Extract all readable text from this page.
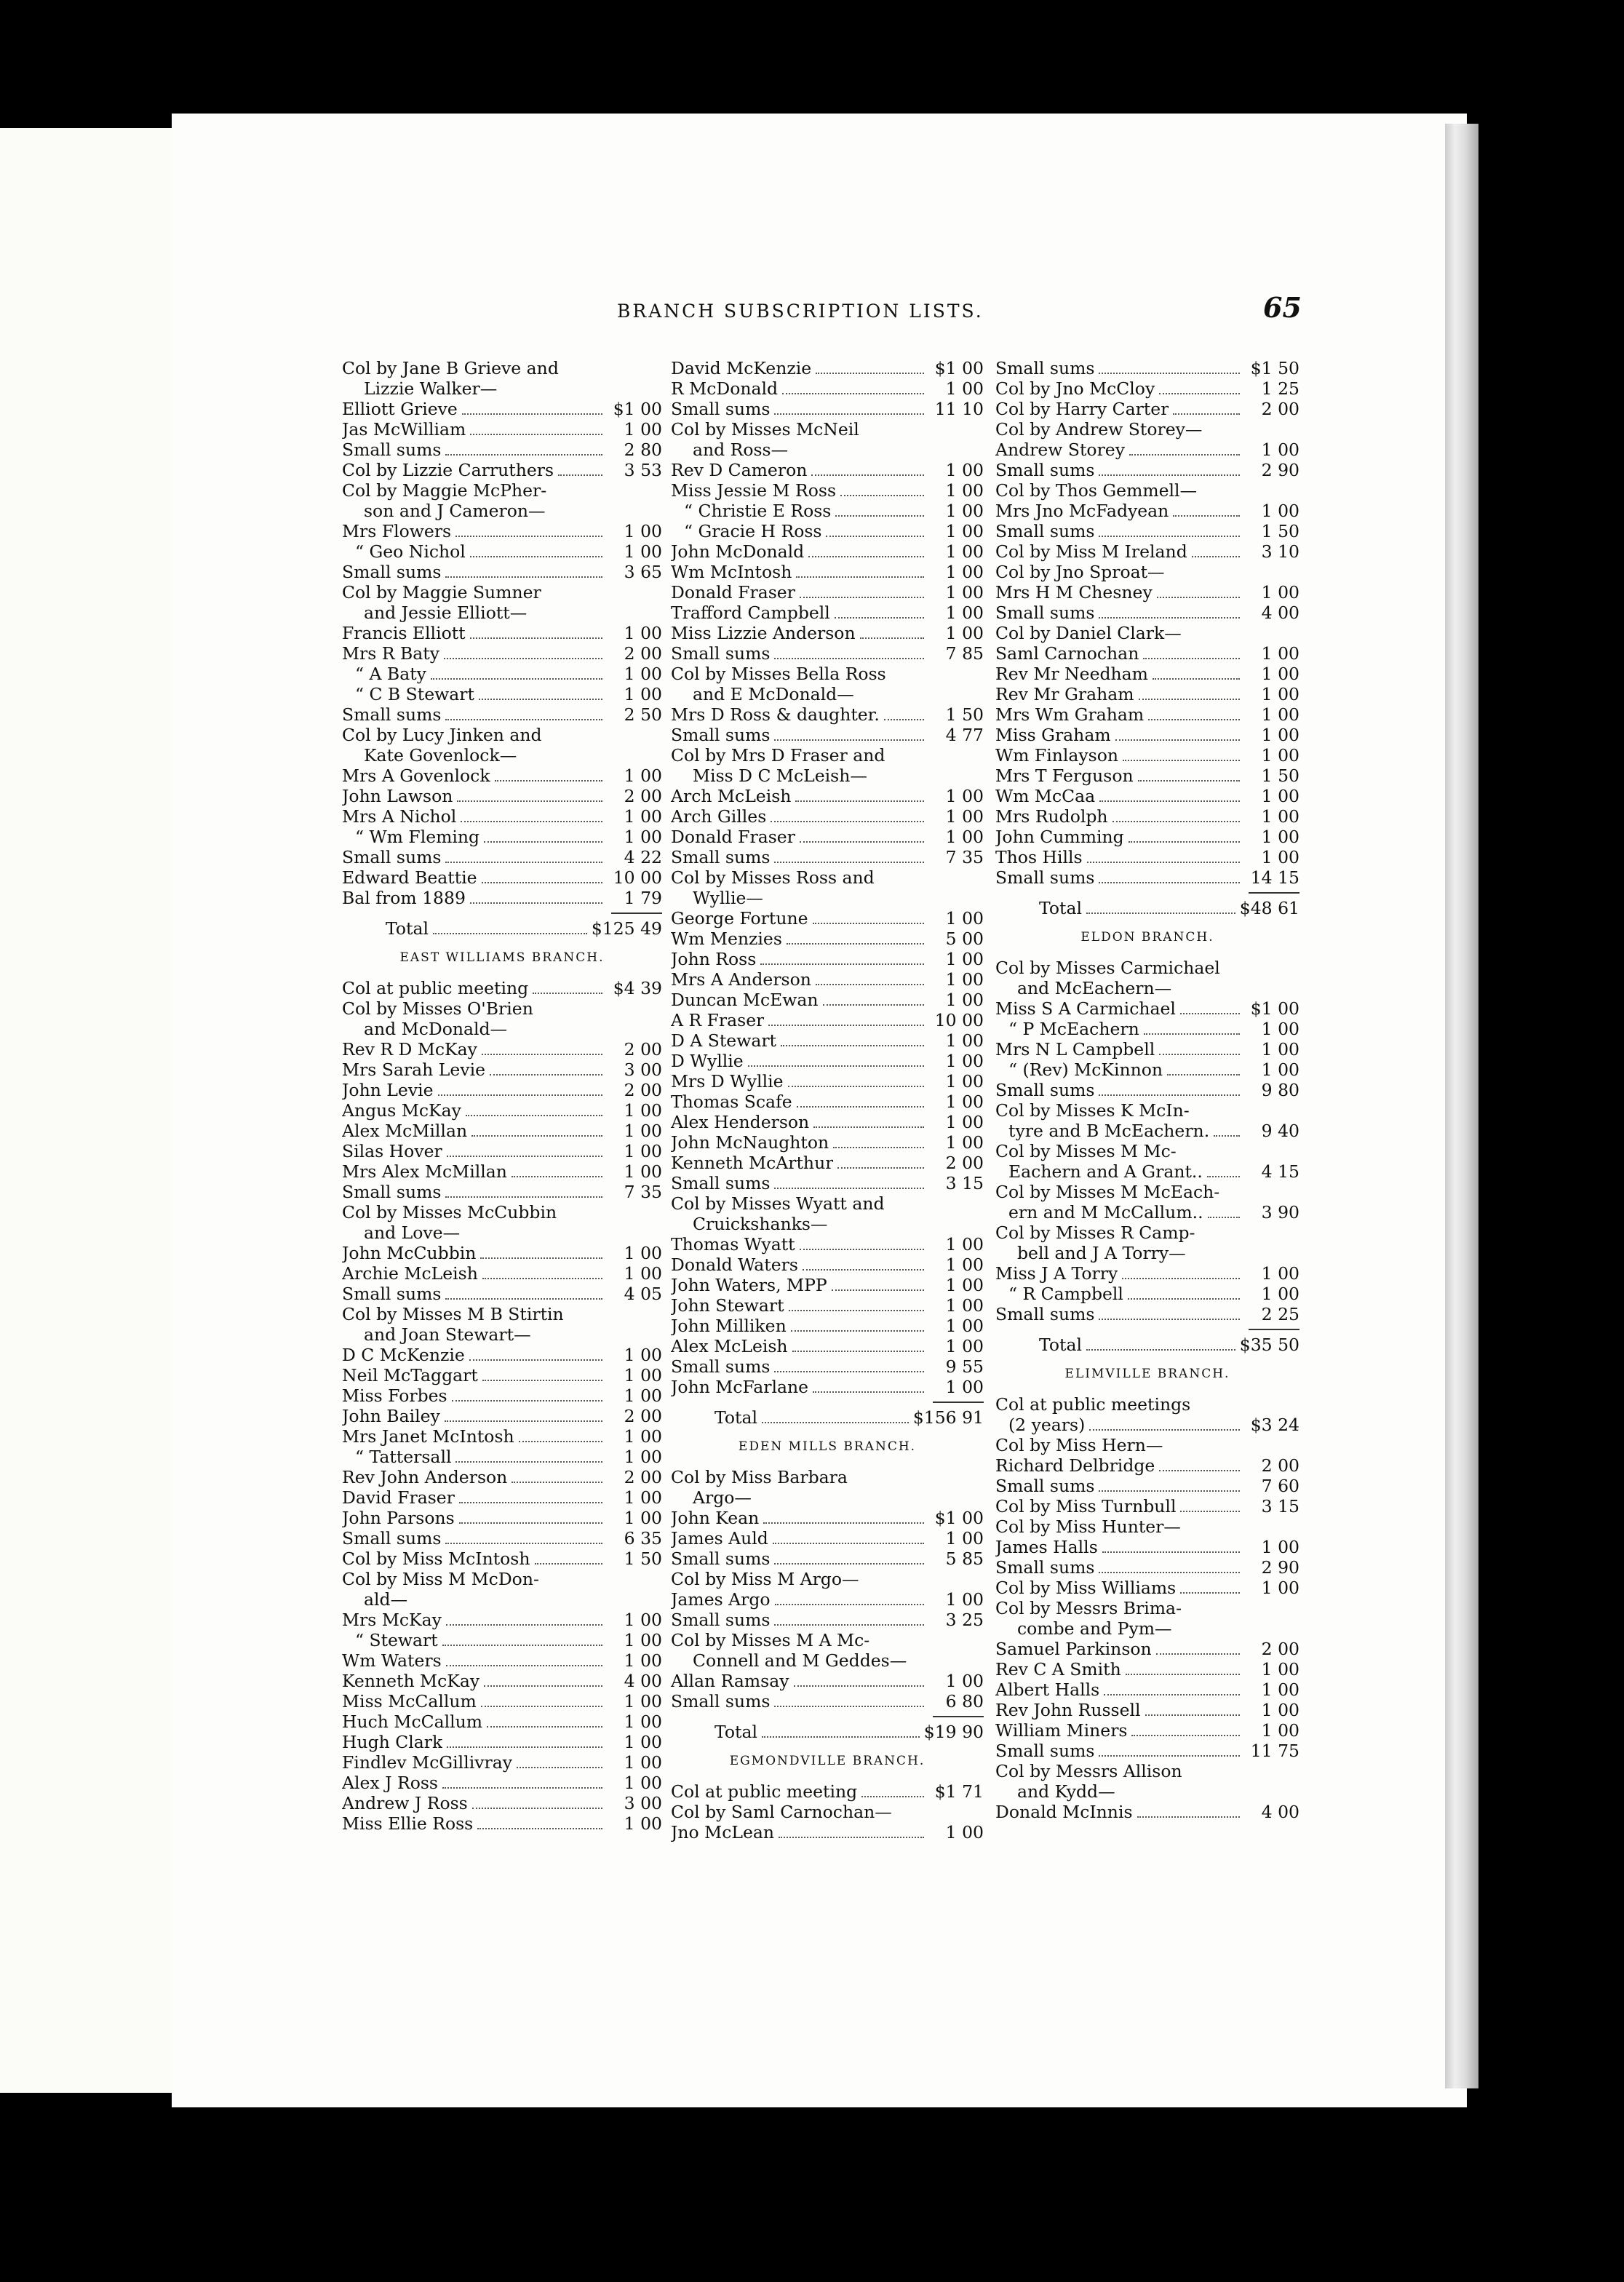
BRANCH SUBSCRIPTION LISTS.	65
Col by Jane B Grieve and
Lizzie Walker—
Elliott Grieve	$1 00
Jas McWilliam	1 00
Small sums	2 80
Col by Lizzie Carruthers	3 53
Col by Maggie McPher-
son and J Cameron—
Mrs Flowers	1 00
“ Geo Nichol	1 00
Small sums	3 65
Col by Maggie Sumner
and Jessie Elliott—
Francis Elliott	1 00
Mrs R Baty	2 00
“ A Baty	1 00
“ C B Stewart	1 00
Small sums	2 50
Col by Lucy Jinken and
Kate Govenlock—
Mrs A Govenlock	1 00
John Lawson	2 00
Mrs A Nichol	1 00
“ Wm Fleming	1 00
Small sums	4 22
Edward Beattie	10 00
Bal from 1889	1 79
Total	$125 49
EAST WILLIAMS BRANCH.
Col at public meeting	$4 39
Col by Misses O'Brien
and McDonald—
Rev R D McKay	2 00
Mrs Sarah Levie	3 00
John Levie	2 00
Angus McKay	1 00
Alex McMillan	1 00
Silas Hover	1 00
Mrs Alex McMillan	1 00
Small sums	7 35
Col by Misses McCubbin
and Love—
John McCubbin	1 00
Archie McLeish	1 00
Small sums	4 05
Col by Misses M B Stirtin
and Joan Stewart—
D C McKenzie	1 00
Neil McTaggart	1 00
Miss Forbes	1 00
John Bailey	2 00
Mrs Janet McIntosh	1 00
“ Tattersall	1 00
Rev John Anderson	2 00
David Fraser	1 00
John Parsons	1 00
Small sums	6 35
Col by Miss McIntosh	1 50
Col by Miss M McDon-
ald—
Mrs McKay	1 00
“ Stewart	1 00
Wm Waters	1 00
Kenneth McKay	4 00
Miss McCallum	1 00
Huch McCallum	1 00
Hugh Clark	1 00
Findlev McGillivray	1 00
Alex J Ross	1 00
Andrew J Ross	3 00
Miss Ellie Ross	1 00
David McKenzie	$1 00
R McDonald	1 00
Small sums	11 10
Col by Misses McNeil
and Ross—
Rev D Cameron	1 00
Miss Jessie M Ross	1 00
“ Christie E Ross	1 00
“ Gracie H Ross	1 00
John McDonald	1 00
Wm McIntosh	1 00
Donald Fraser	1 00
Trafford Campbell	1 00
Miss Lizzie Anderson	1 00
Small sums	7 85
Col by Misses Bella Ross
and E McDonald—
Mrs D Ross & daughter.	1 50
Small sums	4 77
Col by Mrs D Fraser and
Miss D C McLeish—
Arch McLeish	1 00
Arch Gilles	1 00
Donald Fraser	1 00
Small sums	7 35
Col by Misses Ross and
Wyllie—
George Fortune	1 00
Wm Menzies	5 00
John Ross	1 00
Mrs A Anderson	1 00
Duncan McEwan	1 00
A R Fraser	10 00
D A Stewart	1 00
D Wyllie	1 00
Mrs D Wyllie	1 00
Thomas Scafe	1 00
Alex Henderson	1 00
John McNaughton	1 00
Kenneth McArthur	2 00
Small sums	3 15
Col by Misses Wyatt and
Cruickshanks—
Thomas Wyatt	1 00
Donald Waters	1 00
John Waters, MPP	1 00
John Stewart	1 00
John Milliken	1 00
Alex McLeish	1 00
Small sums	9 55
John McFarlane	1 00
Total	$156 91
EDEN MILLS BRANCH.
Col by Miss Barbara
Argo—
John Kean	$1 00
James Auld	1 00
Small sums	5 85
Col by Miss M Argo—
James Argo	1 00
Small sums	3 25
Col by Misses M A Mc-
Connell and M Geddes—
Allan Ramsay	1 00
Small sums	6 80
Total	$19 90
EGMONDVILLE BRANCH.
Col at public meeting	$1 71
Col by Saml Carnochan—
Jno McLean	1 00
Small sums	$1 50
Col by Jno McCloy	1 25
Col by Harry Carter	2 00
Col by Andrew Storey—
Andrew Storey	1 00
Small sums	2 90
Col by Thos Gemmell—
Mrs Jno McFadyean	1 00
Small sums	1 50
Col by Miss M Ireland	3 10
Col by Jno Sproat—
Mrs H M Chesney	1 00
Small sums	4 00
Col by Daniel Clark—
Saml Carnochan	1 00
Rev Mr Needham	1 00
Rev Mr Graham	1 00
Mrs Wm Graham	1 00
Miss Graham	1 00
Wm Finlayson	1 00
Mrs T Ferguson	1 50
Wm McCaa	1 00
Mrs Rudolph	1 00
John Cumming	1 00
Thos Hills	1 00
Small sums	14 15
Total	$48 61
ELDON BRANCH.
Col by Misses Carmichael
and McEachern—
Miss S A Carmichael	$1 00
“ P McEachern	1 00
Mrs N L Campbell	1 00
“ (Rev) McKinnon	1 00
Small sums	9 80
Col by Misses K McIn-
tyre and B McEachern.	9 40
Col by Misses M Mc-
Eachern and A Grant..	4 15
Col by Misses M McEach-
ern and M McCallum..	3 90
Col by Misses R Camp-
bell and J A Torry—
Miss J A Torry	1 00
“ R Campbell	1 00
Small sums	2 25
Total	$35 50
ELIMVILLE BRANCH.
Col at public meetings
(2 years)	$3 24
Col by Miss Hern—
Richard Delbridge	2 00
Small sums	7 60
Col by Miss Turnbull	3 15
Col by Miss Hunter—
James Halls	1 00
Small sums	2 90
Col by Miss Williams	1 00
Col by Messrs Brima-
combe and Pym—
Samuel Parkinson	2 00
Rev C A Smith	1 00
Albert Halls	1 00
Rev John Russell	1 00
William Miners	1 00
Small sums	11 75
Col by Messrs Allison
and Kydd—
Donald McInnis	4 00
